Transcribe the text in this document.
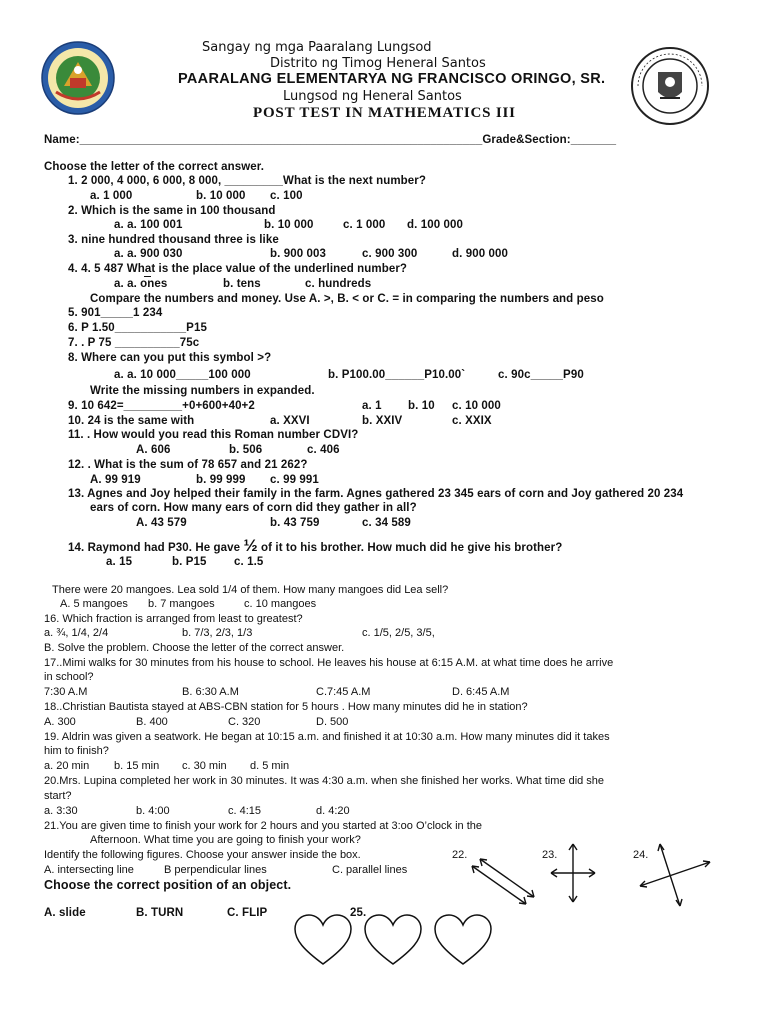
Sangay ng mga Paaralang Lungsod
Distrito ng Timog Heneral Santos
PAARALANG ELEMENTARYA NG FRANCISCO ORINGO, SR.
Lungsod ng Heneral Santos
POST TEST IN MATHEMATICS III
Name:______________________________________________________________Grade&Section:_______
Choose the letter of the correct answer.
1. 2 000, 4 000, 6 000, 8 000, _________What is the next number?
a. 1 000	b. 10 000 c. 100
2. Which is the same in 100 thousand
a. a. 100 001	b. 10 000	c. 1 000 d. 100 000
3. nine hundred thousand three is like
a. a. 900 030	b. 900 003	c. 900 300	d. 900 000
4. 4. 5 487 What is the place value of the underlined number?
a. a. ones	b. tens	c. hundreds
Compare the numbers and money. Use A. >, B. < or C. = in comparing the numbers and peso
5. 901_____1 234
6. P 1.50___________P15
7. . P 75 __________75c
8. Where can you put this symbol >?
a. a. 10 000_____100 000	b. P100.00______P10.00`	c. 90c_____P90
Write the missing numbers in expanded.
9. 10 642=_________+0+600+40+2	a. 1 b. 10 c. 10 000
10. 24 is the same with	a. XXVI	b. XXIV	c. XXIX
11. . How would you read this Roman number CDVI?
A. 606	b. 506	c. 406
12. . What is the sum of 78 657 and 21 262?
A. 99 919	b. 99 999 c. 99 991
13. Agnes and Joy helped their family in the farm. Agnes gathered 23 345 ears of corn and Joy gathered 20 234
ears of corn. How many ears of corn did they gather in all?
A. 43 579	b. 43 759	c. 34 589
14. Raymond had P30. He gave ½ of it to his brother. How much did he give his brother?
a. 15	b. P15 c. 1.5
There were 20 mangoes. Lea sold 1/4 of them. How many mangoes did Lea sell?
A. 5 mangoes b. 7 mangoes	c. 10 mangoes
16. Which fraction is arranged from least to greatest?
a. ¾, 1/4, 2/4	b. 7/3, 2/3, 1/3	c. 1/5, 2/5, 3/5,
B. Solve the problem. Choose the letter of the correct answer.
17..Mimi walks for 30 minutes from his house to school. He leaves his house at 6:15 A.M. at what time does he arrive
in school?
7:30 A.M	B. 6:30 A.M	C.7:45 A.M	D. 6:45 A.M
18..Christian Bautista stayed at ABS-CBN station for 5 hours . How many minutes did he in station?
A. 300	B. 400	C. 320	D. 500
19. Aldrin was given a seatwork. He began at 10:15 a.m. and finished it at 10:30 a.m. How many minutes did it takes
him to finish?
a. 20 min b. 15 min c. 30 min d. 5 min
20.Mrs. Lupina completed her work in 30 minutes. It was 4:30 a.m. when she finished her works. What time did she
start?
a. 3:30	b. 4:00	c. 4:15	d. 4:20
21.You are given time to finish your work for 2 hours and you started at 3:oo O’clock in the
Afternoon. What time you are going to finish your work?
Identify the following figures. Choose your answer inside the box.
A. intersecting line	B perpendicular lines	C. parallel lines
22.	23.	24.
Choose the correct position of an object.
A. slide	B. TURN	C. FLIP	25.
